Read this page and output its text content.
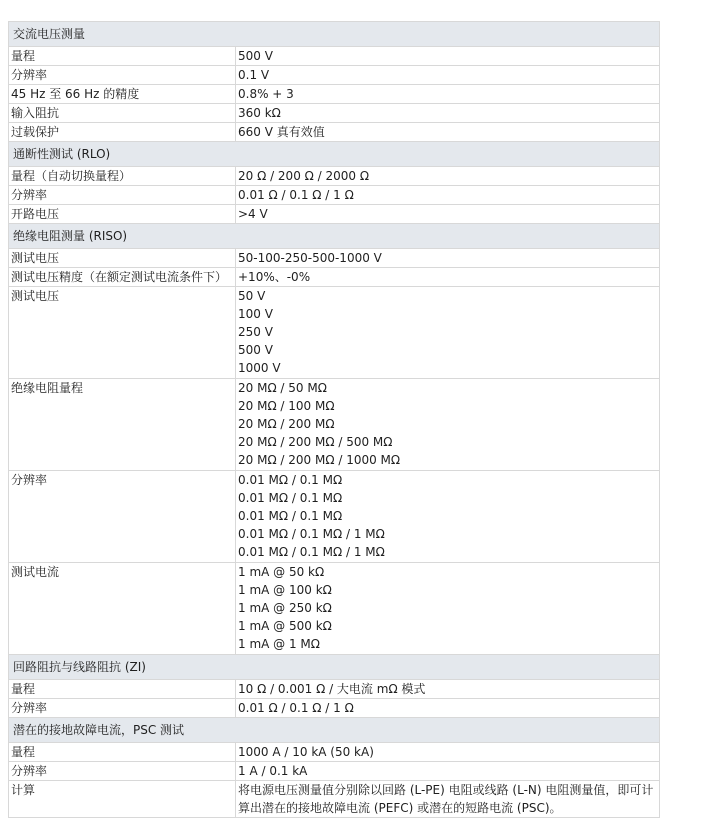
交流电压测量	
量程	500 V

分辨率	0.1 V

45 Hz 至 66 Hz 的精度	0.8% + 3

输入阻抗	360 kΩ

过载保护	660 V 真有效值

通断性测试 (RLO)	
量程（自动切换量程）	20 Ω / 200 Ω / 2000 Ω

分辨率	0.01 Ω / 0.1 Ω / 1 Ω

开路电压	>4 V

绝缘电阻测量 (RISO)	
测试电压	50-100-250-500-1000 V

测试电压精度（在额定测试电流条件下）	+10%、-0%

测试电压	50 V
100 V
250 V
500 V
1000 V

绝缘电阻量程	20 MΩ / 50 MΩ
20 MΩ / 100 MΩ
20 MΩ / 200 MΩ
20 MΩ / 200 MΩ / 500 MΩ
20 MΩ / 200 MΩ / 1000 MΩ

分辨率	0.01 MΩ / 0.1 MΩ
0.01 MΩ / 0.1 MΩ
0.01 MΩ / 0.1 MΩ
0.01 MΩ / 0.1 MΩ / 1 MΩ
0.01 MΩ / 0.1 MΩ / 1 MΩ

测试电流	1 mA @ 50 kΩ
1 mA @ 100 kΩ
1 mA @ 250 kΩ
1 mA @ 500 kΩ
1 mA @ 1 MΩ

回路阻抗与线路阻抗 (ZI)	
量程	10 Ω / 0.001 Ω / 大电流 mΩ 模式

分辨率	0.01 Ω / 0.1 Ω / 1 Ω

潜在的接地故障电流，PSC 测试	
量程	1000 A / 10 kA (50 kA)

分辨率	1 A / 0.1 kA

计算	将电源电压测量值分别除以回路 (L-PE) 电阻或线路 (L-N) 电阻测量值，即可计算出潜在的接地故障电流 (PEFC) 或潜在的短路电流 (PSC)。
